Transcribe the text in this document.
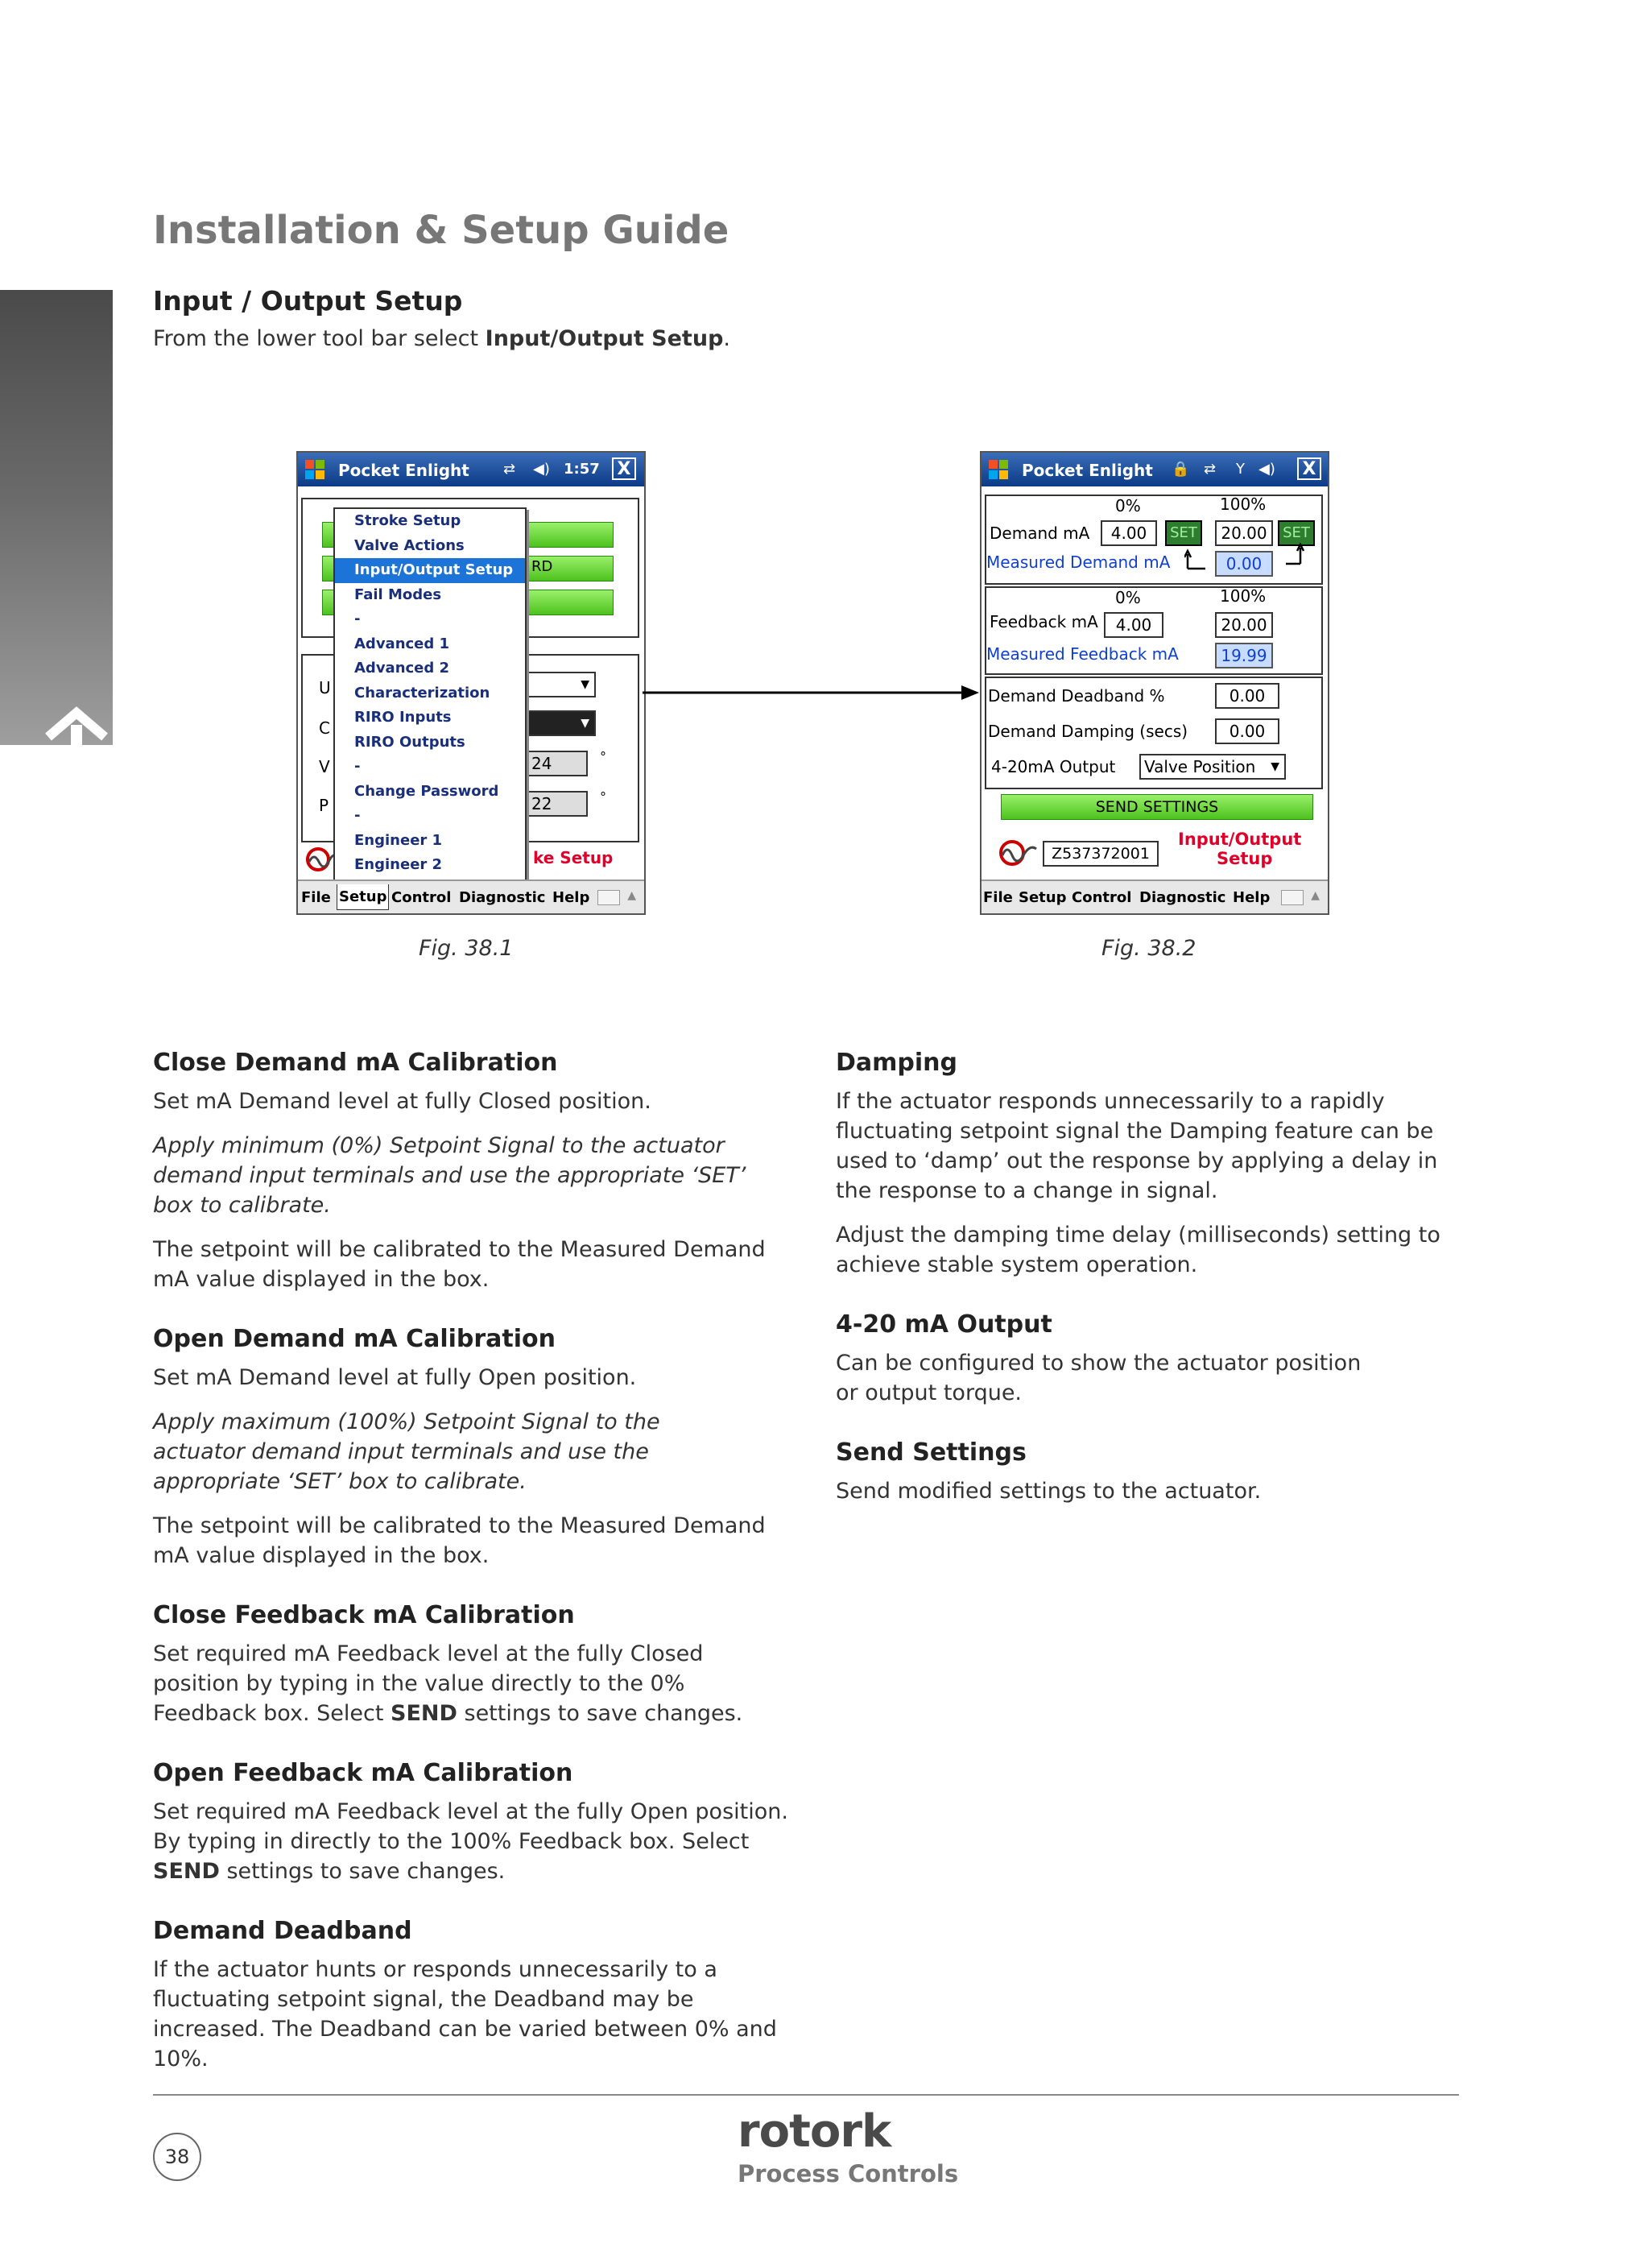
Installation & Setup Guide
Input / Output Setup
From the lower tool bar select Input/Output Setup.
Pocket Enlight ⇄ ◀) 1:57 X
RD
U
C
V
P
▼
▼
24	°
22	°
ke Setup
Stroke Setup
Valve Actions
Input/Output Setup
Fail Modes
-
Advanced 1
Advanced 2
Characterization
RIRO Inputs
RIRO Outputs
-
Change Password
-
Engineer 1
Engineer 2
File Setup Control Diagnostic Help	▲
Fig. 38.1
Pocket Enlight 🔒 ⇄ Y ◀) X
0%	100%
Demand mA	4.00	SET	20.00	SET
Measured Demand mA	0.00
0%	100%
Feedback mA	4.00	20.00
Measured Feedback mA	19.99
Demand Deadband %	0.00
Demand Damping (secs)	0.00
4-20mA Output	Valve Position ▼
SEND SETTINGS
Z537372001
Input/Output
Setup
File Setup Control Diagnostic Help	▲
Fig. 38.2
Close Demand mA Calibration
Set mA Demand level at fully Closed position.
Apply minimum (0%) Setpoint Signal to the actuator demand input terminals and use the appropriate ‘SET’ box to calibrate.
The setpoint will be calibrated to the Measured Demand mA value displayed in the box.
Open Demand mA Calibration
Set mA Demand level at fully Open position.
Apply maximum (100%) Setpoint Signal to the actuator demand input terminals and use the appropriate ‘SET’ box to calibrate.
The setpoint will be calibrated to the Measured Demand mA value displayed in the box.
Close Feedback mA Calibration
Set required mA Feedback level at the fully Closed position by typing in the value directly to the 0% Feedback box. Select SEND settings to save changes.
Open Feedback mA Calibration
Set required mA Feedback level at the fully Open position. By typing in directly to the 100% Feedback box. Select SEND settings to save changes.
Demand Deadband
If the actuator hunts or responds unnecessarily to a fluctuating setpoint signal, the Deadband may be increased. The Deadband can be varied between 0% and 10%.
Damping
If the actuator responds unnecessarily to a rapidly fluctuating setpoint signal the Damping feature can be used to ‘damp’ out the response by applying a delay in the response to a change in signal.
Adjust the damping time delay (milliseconds) setting to achieve stable system operation.
4-20 mA Output
Can be configured to show the actuator position or output torque.
Send Settings
Send modified settings to the actuator.
38	rotork
Process Controls
